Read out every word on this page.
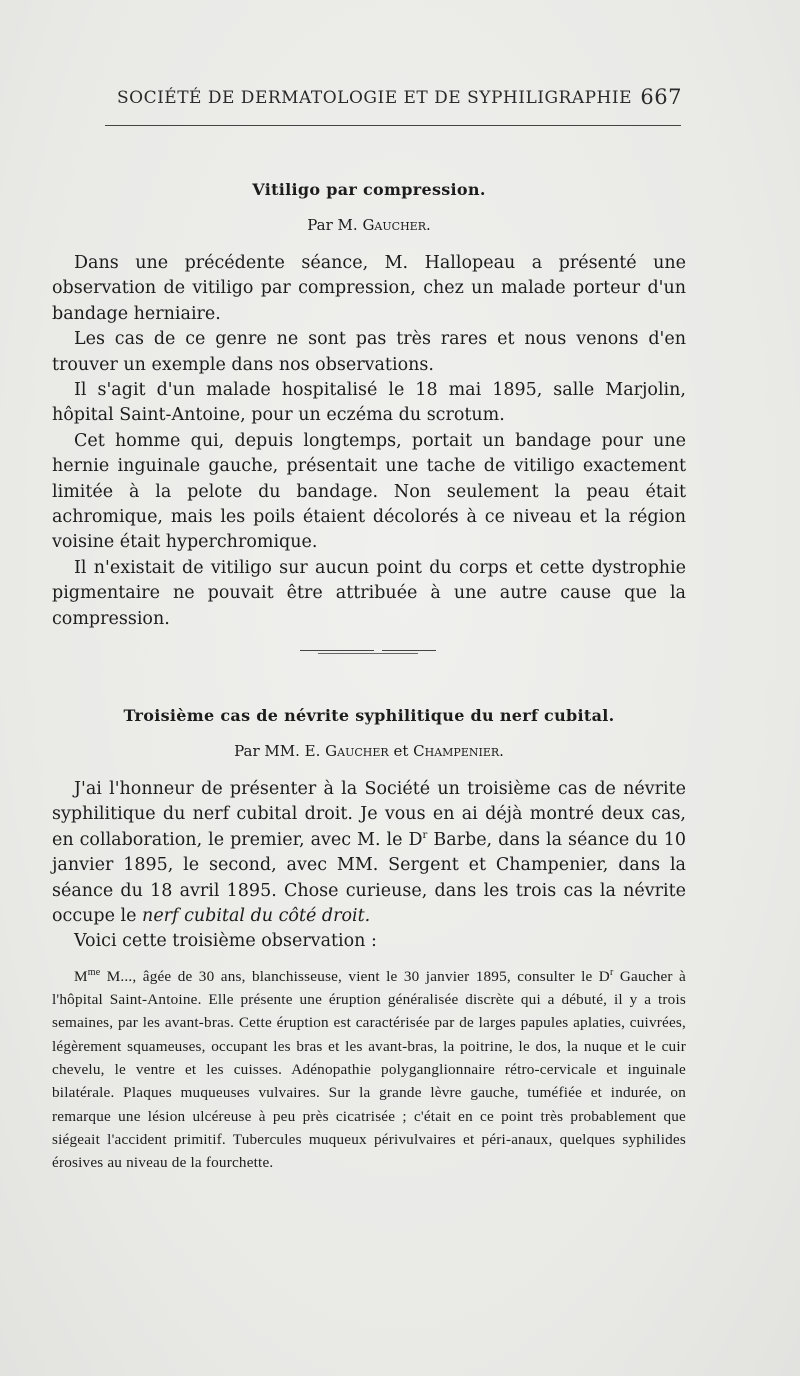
SOCIÉTÉ DE DERMATOLOGIE ET DE SYPHILIGRAPHIE 667

Vitiligo par compression.

Par M. Gaucher.

Dans une précédente séance, M. Hallopeau a présenté une observation de vitiligo par compression, chez un malade porteur d'un bandage herniaire.

Les cas de ce genre ne sont pas très rares et nous venons d'en trouver un exemple dans nos observations.

Il s'agit d'un malade hospitalisé le 18 mai 1895, salle Marjolin, hôpital Saint-Antoine, pour un eczéma du scrotum.

Cet homme qui, depuis longtemps, portait un bandage pour une hernie inguinale gauche, présentait une tache de vitiligo exactement limitée à la pelote du bandage. Non seulement la peau était achromique, mais les poils étaient décolorés à ce niveau et la région voisine était hyperchromique.

Il n'existait de vitiligo sur aucun point du corps et cette dystrophie pigmentaire ne pouvait être attribuée à une autre cause que la compression.

Troisième cas de névrite syphilitique du nerf cubital.

Par MM. E. Gaucher et Champenier.

J'ai l'honneur de présenter à la Société un troisième cas de névrite syphilitique du nerf cubital droit. Je vous en ai déjà montré deux cas, en collaboration, le premier, avec M. le $D^r$ Barbe, dans la séance du 10 janvier 1895, le second, avec MM. Sergent et Champenier, dans la séance du 18 avril 1895. Chose curieuse, dans les trois cas la névrite occupe le nerf cubital du côté droit.

Voici cette troisième observation :

$M^{me}$ M..., âgée de 30 ans, blanchisseuse, vient le 30 janvier 1895, consulter le $D^r$ Gaucher à l'hôpital Saint-Antoine. Elle présente une éruption généralisée discrète qui a débuté, il y a trois semaines, par les avant-bras. Cette éruption est caractérisée par de larges papules aplaties, cuivrées, légèrement squameuses, occupant les bras et les avant-bras, la poitrine, le dos, la nuque et le cuir chevelu, le ventre et les cuisses. Adénopathie polyganglionnaire rétro-cervicale et inguinale bilatérale. Plaques muqueuses vulvaires. Sur la grande lèvre gauche, tuméfiée et indurée, on remarque une lésion ulcéreuse à peu près cicatrisée ; c'était en ce point très probablement que siégeait l'accident primitif. Tubercules muqueux périvulvaires et péri-anaux, quelques syphilides érosives au niveau de la fourchette.
